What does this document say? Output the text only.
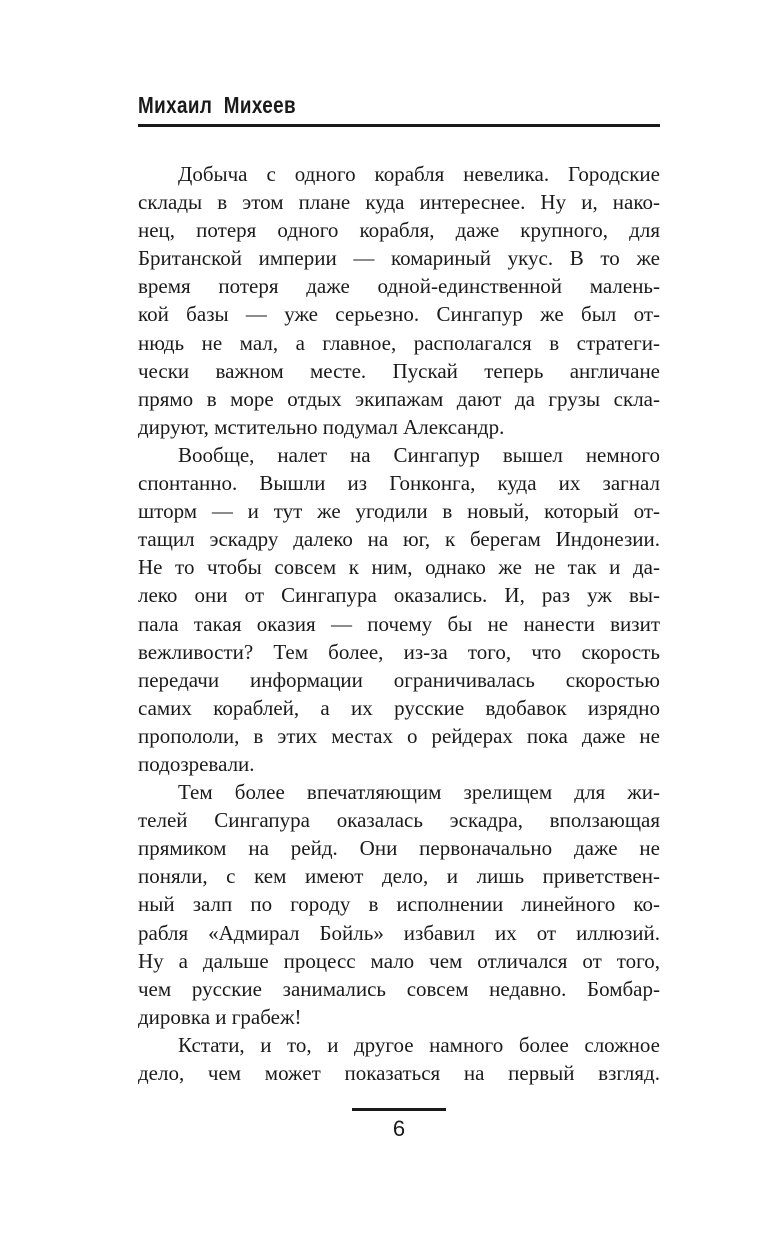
Михаил Михеев
Добыча с одного корабля невелика. Городские
склады в этом плане куда интереснее. Ну и, нако-
нец, потеря одного корабля, даже крупного, для
Британской империи — комариный укус. В то же
время потеря даже одной-единственной малень-
кой базы — уже серьезно. Сингапур же был от-
нюдь не мал, а главное, располагался в стратеги-
чески важном месте. Пускай теперь англичане
прямо в море отдых экипажам дают да грузы скла-
дируют, мстительно подумал Александр.
Вообще, налет на Сингапур вышел немного
спонтанно. Вышли из Гонконга, куда их загнал
шторм — и тут же угодили в новый, который от-
тащил эскадру далеко на юг, к берегам Индонезии.
Не то чтобы совсем к ним, однако же не так и да-
леко они от Сингапура оказались. И, раз уж вы-
пала такая оказия — почему бы не нанести визит
вежливости? Тем более, из-за того, что скорость
передачи информации ограничивалась скоростью
самих кораблей, а их русские вдобавок изрядно
пропололи, в этих местах о рейдерах пока даже не
подозревали.
Тем более впечатляющим зрелищем для жи-
телей Сингапура оказалась эскадра, вползающая
прямиком на рейд. Они первоначально даже не
поняли, с кем имеют дело, и лишь приветствен-
ный залп по городу в исполнении линейного ко-
рабля «Адмирал Бойль» избавил их от иллюзий.
Ну а дальше процесс мало чем отличался от того,
чем русские занимались совсем недавно. Бомбар-
дировка и грабеж!
Кстати, и то, и другое намного более сложное
дело, чем может показаться на первый взгляд.
6
